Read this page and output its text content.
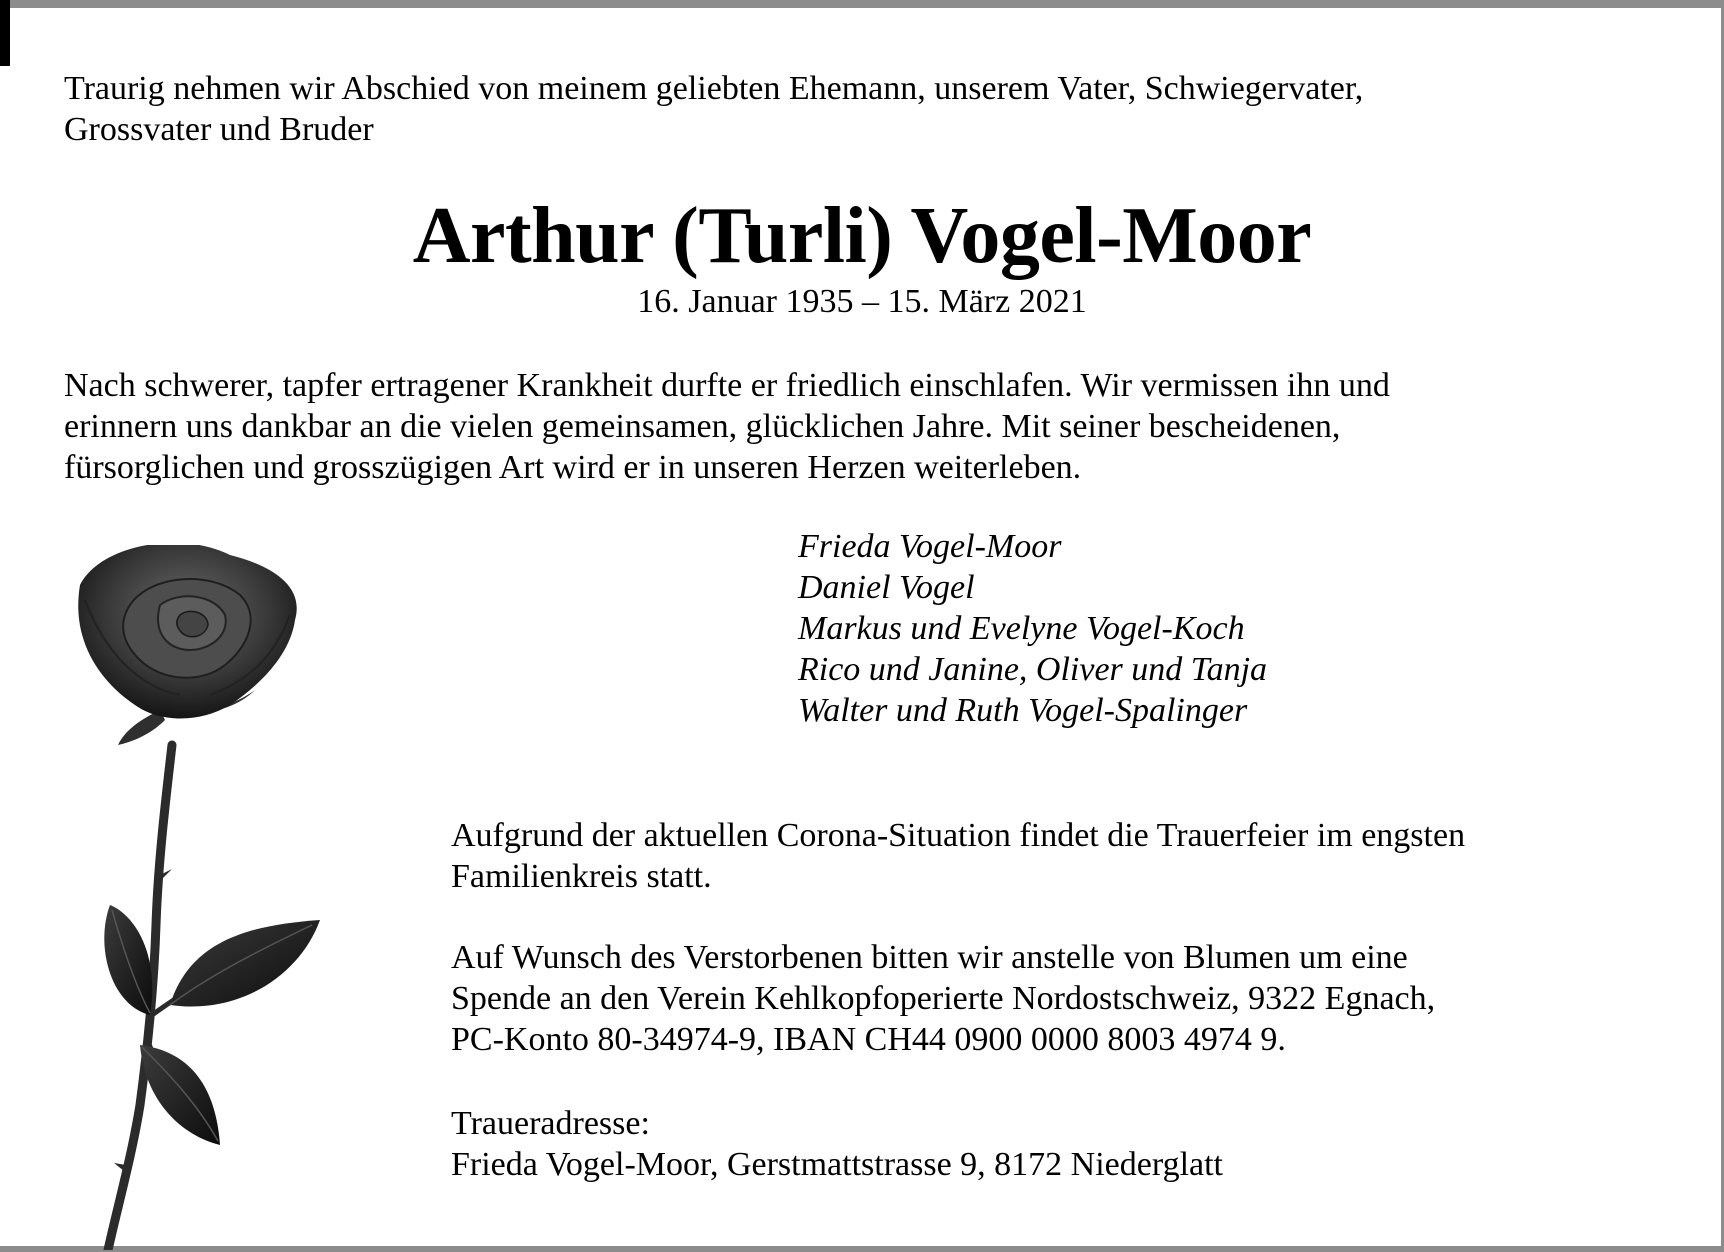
Traurig nehmen wir Abschied von meinem geliebten Ehemann, unserem Vater, Schwiegervater,
Grossvater und Bruder
Arthur (Turli) Vogel-Moor
16. Januar 1935 – 15. März 2021
Nach schwerer, tapfer ertragener Krankheit durfte er friedlich einschlafen. Wir vermissen ihn und
erinnern uns dankbar an die vielen gemeinsamen, glücklichen Jahre. Mit seiner bescheidenen,
fürsorglichen und grosszügigen Art wird er in unseren Herzen weiterleben.
Frieda Vogel-Moor
Daniel Vogel
Markus und Evelyne Vogel-Koch
Rico und Janine, Oliver und Tanja
Walter und Ruth Vogel-Spalinger
Aufgrund der aktuellen Corona-Situation findet die Trauerfeier im engsten
Familienkreis statt.
Auf Wunsch des Verstorbenen bitten wir anstelle von Blumen um eine
Spende an den Verein Kehlkopfoperierte Nordostschweiz, 9322 Egnach,
PC-Konto 80-34974-9, IBAN CH44 0900 0000 8003 4974 9.
Traueradresse:
Frieda Vogel-Moor, Gerstmattstrasse 9, 8172 Niederglatt
